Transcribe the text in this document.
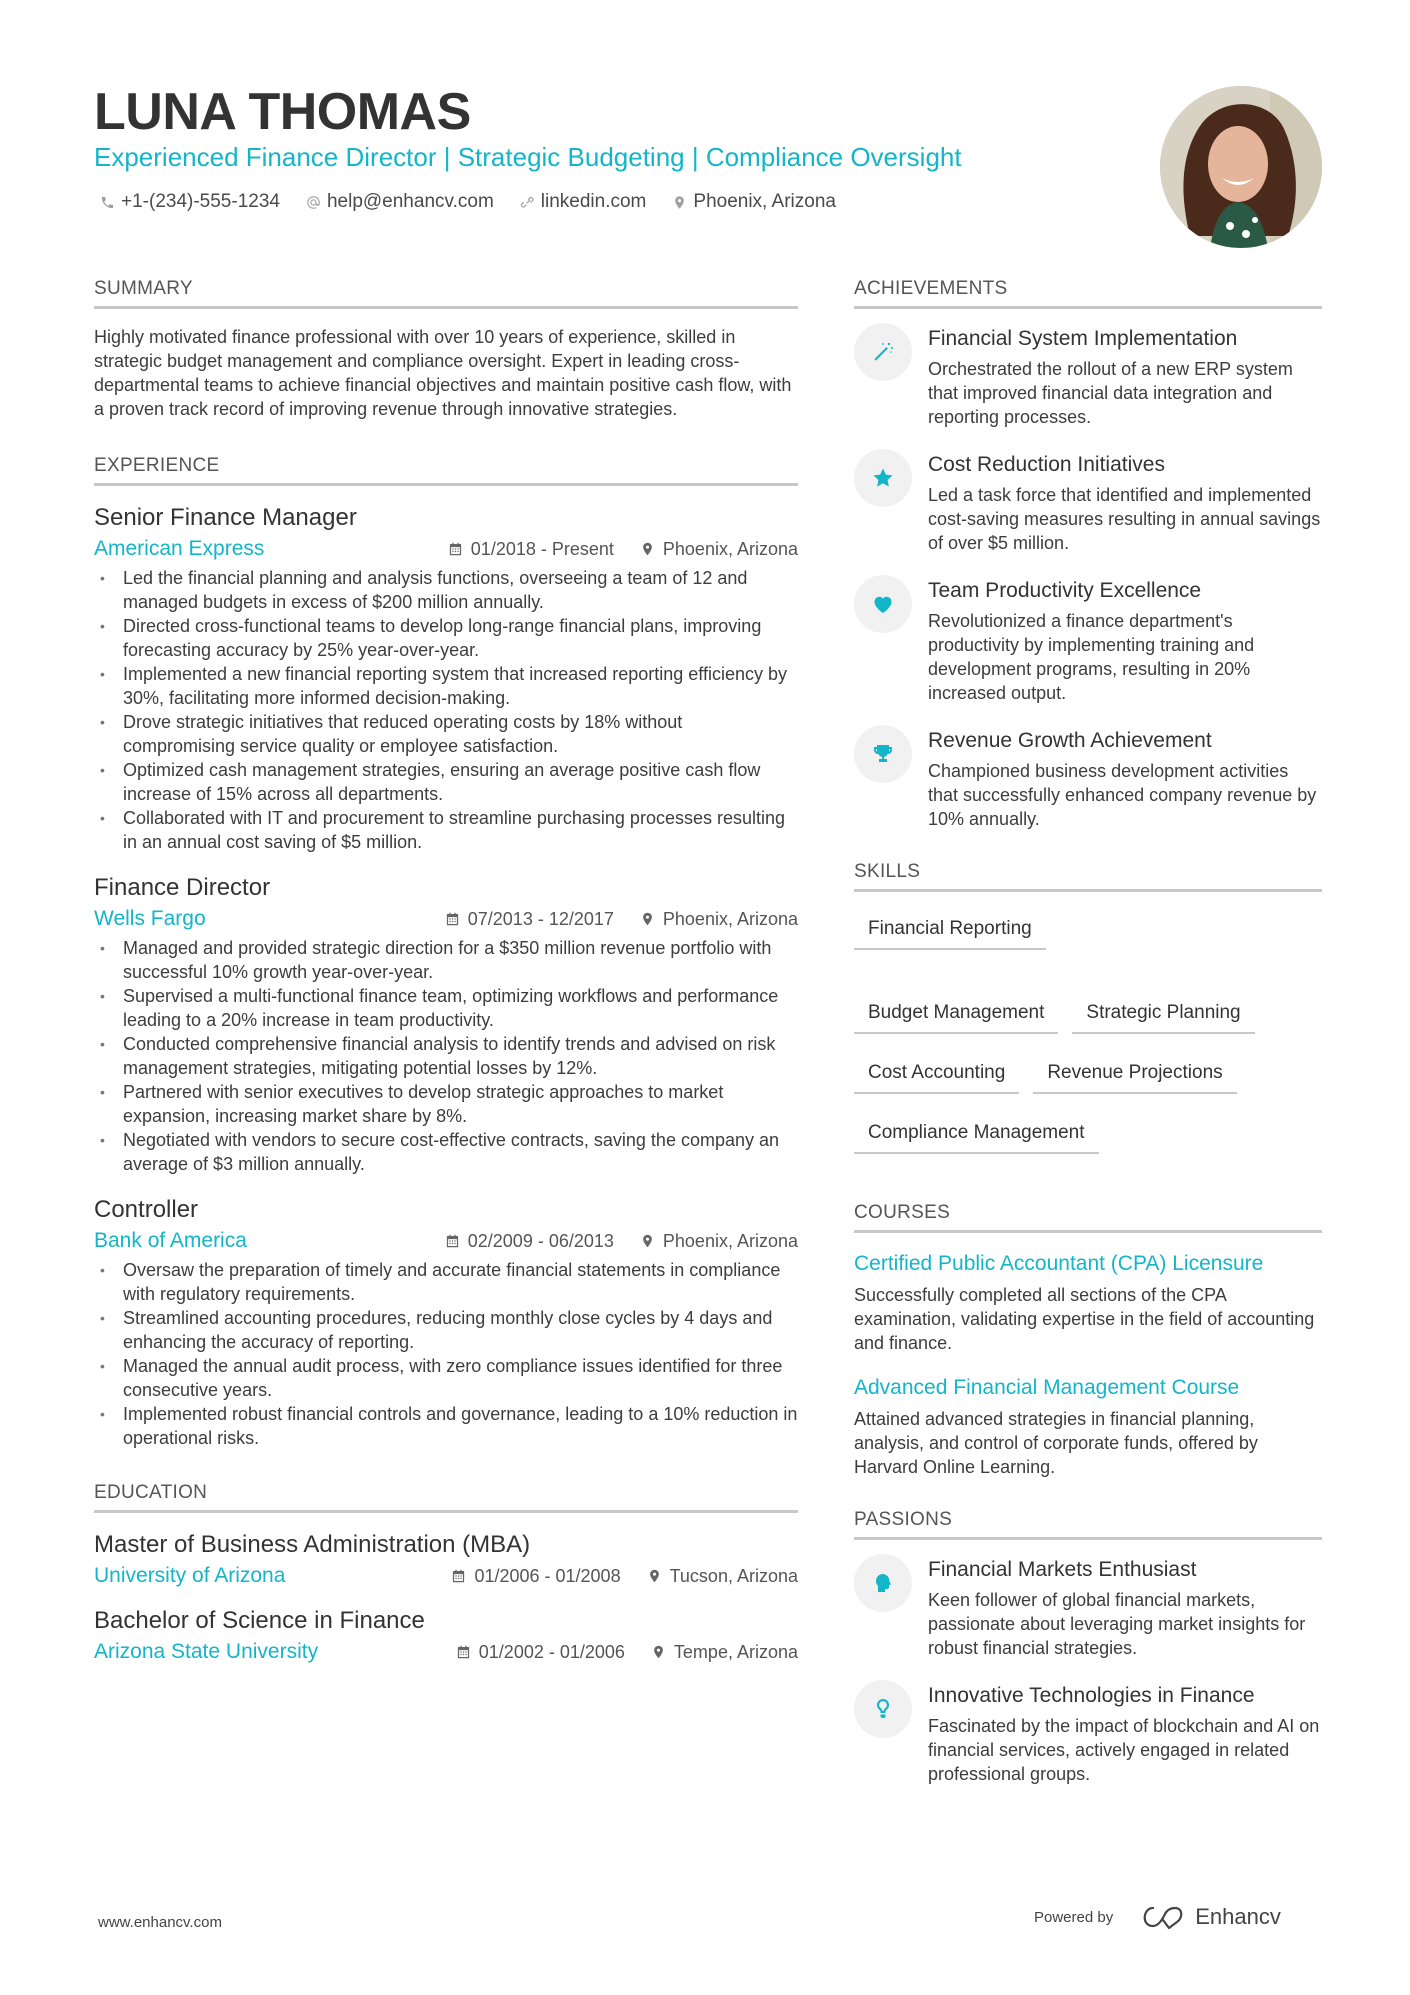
LUNA THOMAS
Experienced Finance Director | Strategic Budgeting | Compliance Oversight
+1-(234)-555-1234 help@enhancv.com linkedin.com Phoenix, Arizona
SUMMARY

Highly motivated finance professional with over 10 years of experience, skilled in strategic budget management and compliance oversight. Expert in leading cross-departmental teams to achieve financial objectives and maintain positive cash flow, with a proven track record of improving revenue through innovative strategies.

EXPERIENCE
Senior Finance Manager
American Express	01/2018 - Present	Phoenix, Arizona
• Led the financial planning and analysis functions, overseeing a team of 12 and managed budgets in excess of $200 million annually.
• Directed cross-functional teams to develop long-range financial plans, improving forecasting accuracy by 25% year-over-year.
• Implemented a new financial reporting system that increased reporting efficiency by 30%, facilitating more informed decision-making.
• Drove strategic initiatives that reduced operating costs by 18% without compromising service quality or employee satisfaction.
• Optimized cash management strategies, ensuring an average positive cash flow increase of 15% across all departments.
• Collaborated with IT and procurement to streamline purchasing processes resulting in an annual cost saving of $5 million.
Finance Director
Wells Fargo	07/2013 - 12/2017	Phoenix, Arizona
• Managed and provided strategic direction for a $350 million revenue portfolio with successful 10% growth year-over-year.
• Supervised a multi-functional finance team, optimizing workflows and performance leading to a 20% increase in team productivity.
• Conducted comprehensive financial analysis to identify trends and advised on risk management strategies, mitigating potential losses by 12%.
• Partnered with senior executives to develop strategic approaches to market expansion, increasing market share by 8%.
• Negotiated with vendors to secure cost-effective contracts, saving the company an average of $3 million annually.
Controller
Bank of America	02/2009 - 06/2013	Phoenix, Arizona
• Oversaw the preparation of timely and accurate financial statements in compliance with regulatory requirements.
• Streamlined accounting procedures, reducing monthly close cycles by 4 days and enhancing the accuracy of reporting.
• Managed the annual audit process, with zero compliance issues identified for three consecutive years.
• Implemented robust financial controls and governance, leading to a 10% reduction in operational risks.
EDUCATION
Master of Business Administration (MBA)
University of Arizona	01/2006 - 01/2008	Tucson, Arizona
Bachelor of Science in Finance
Arizona State University	01/2002 - 01/2006	Tempe, Arizona
ACHIEVEMENTS
Financial System Implementation
Orchestrated the rollout of a new ERP system that improved financial data integration and reporting processes.
Cost Reduction Initiatives
Led a task force that identified and implemented cost-saving measures resulting in annual savings of over $5 million.
Team Productivity Excellence
Revolutionized a finance department's productivity by implementing training and development programs, resulting in 20% increased output.
Revenue Growth Achievement
Championed business development activities that successfully enhanced company revenue by 10% annually.
SKILLS
Financial Reporting
Budget Management	Strategic Planning
Cost Accounting	Revenue Projections
Compliance Management
COURSES
Certified Public Accountant (CPA) Licensure
Successfully completed all sections of the CPA examination, validating expertise in the field of accounting and finance.
Advanced Financial Management Course
Attained advanced strategies in financial planning, analysis, and control of corporate funds, offered by Harvard Online Learning.
PASSIONS
Financial Markets Enthusiast
Keen follower of global financial markets, passionate about leveraging market insights for robust financial strategies.
Innovative Technologies in Finance
Fascinated by the impact of blockchain and AI on financial services, actively engaged in related professional groups.
www.enhancv.com	Powered by	Enhancv
